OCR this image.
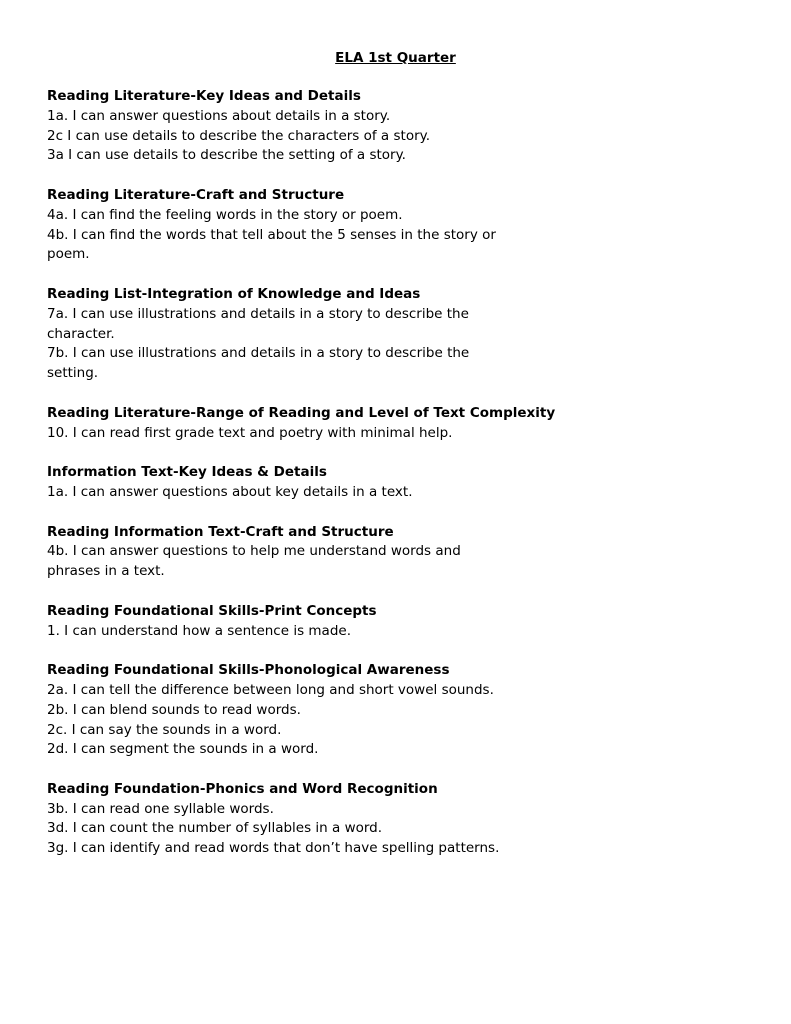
ELA 1st Quarter
Reading Literature-Key Ideas and Details
1a. I can answer questions about details in a story.
2c I can use details to describe the characters of a story.
3a I can use details to describe the setting of a story.
Reading Literature-Craft and Structure
4a. I can find the feeling words in the story or poem.
4b. I can find the words that tell about the 5 senses in the story or poem.
Reading List-Integration of Knowledge and Ideas
7a. I can use illustrations and details in a story to describe the character.
7b. I can use illustrations and details in a story to describe the setting.
Reading Literature-Range of Reading and Level of Text Complexity
10. I can read first grade text and poetry with minimal help.
Information Text-Key Ideas & Details
1a. I can answer questions about key details in a text.
Reading Information Text-Craft and Structure
4b. I can answer questions to help me understand words and phrases in a text.
Reading Foundational Skills-Print Concepts
1. I can understand how a sentence is made.
Reading Foundational Skills-Phonological Awareness
2a. I can tell the difference between long and short vowel sounds.
2b. I can blend sounds to read words.
2c. I can say the sounds in a word.
2d. I can segment the sounds in a word.
Reading Foundation-Phonics and Word Recognition
3b. I can read one syllable words.
3d. I can count the number of syllables in a word.
3g. I can identify and read words that don’t have spelling patterns.
